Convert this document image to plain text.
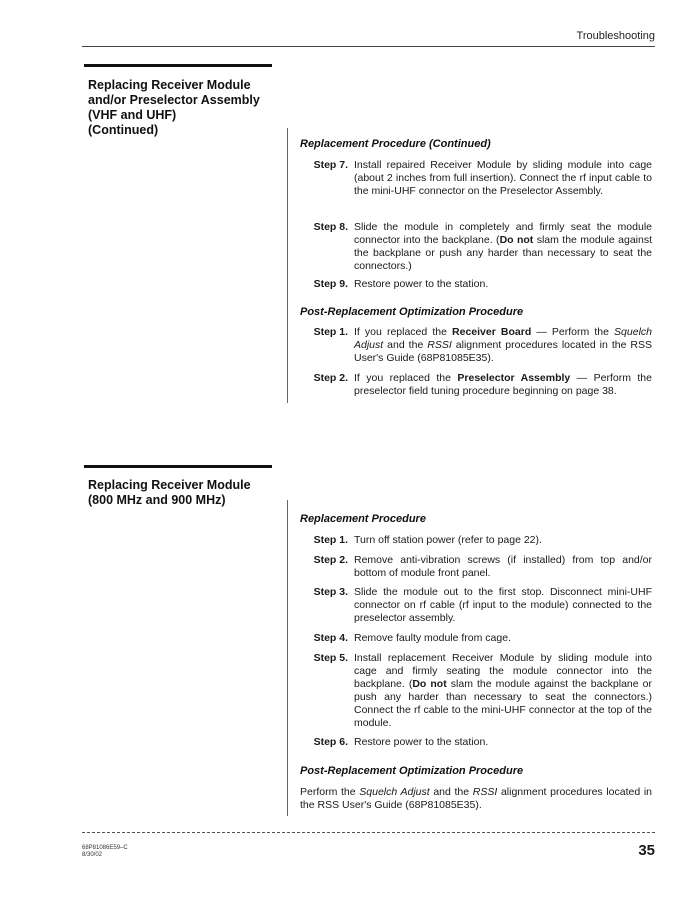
Troubleshooting
Replacing Receiver Module
and/or Preselector Assembly
(VHF and UHF)
(Continued)
Replacement Procedure (Continued)
Step 7. Install repaired Receiver Module by sliding module into cage (about 2 inches from full insertion). Connect the rf input cable to the mini-UHF connector on the Preselector Assembly.
Step 8. Slide the module in completely and firmly seat the module connector into the backplane. (Do not slam the module against the backplane or push any harder than necessary to seat the connectors.)
Step 9. Restore power to the station.
Post-Replacement Optimization Procedure
Step 1. If you replaced the Receiver Board — Perform the Squelch Adjust and the RSSI alignment procedures located in the RSS User's Guide (68P81085E35).
Step 2. If you replaced the Preselector Assembly — Perform the preselector field tuning procedure beginning on page 38.
Replacing Receiver Module
(800 MHz and 900 MHz)
Replacement Procedure
Step 1. Turn off station power (refer to page 22).
Step 2. Remove anti-vibration screws (if installed) from top and/or bottom of module front panel.
Step 3. Slide the module out to the first stop. Disconnect mini-UHF connector on rf cable (rf input to the module) connected to the preselector assembly.
Step 4. Remove faulty module from cage.
Step 5. Install replacement Receiver Module by sliding module into cage and firmly seating the module connector into the backplane. (Do not slam the module against the backplane or push any harder than necessary to seat the connectors.) Connect the rf cable to the mini-UHF connector at the top of the module.
Step 6. Restore power to the station.
Post-Replacement Optimization Procedure
Perform the Squelch Adjust and the RSSI alignment procedures located in the RSS User's Guide (68P81085E35).
68P81086E59–C
8/30/02	35
